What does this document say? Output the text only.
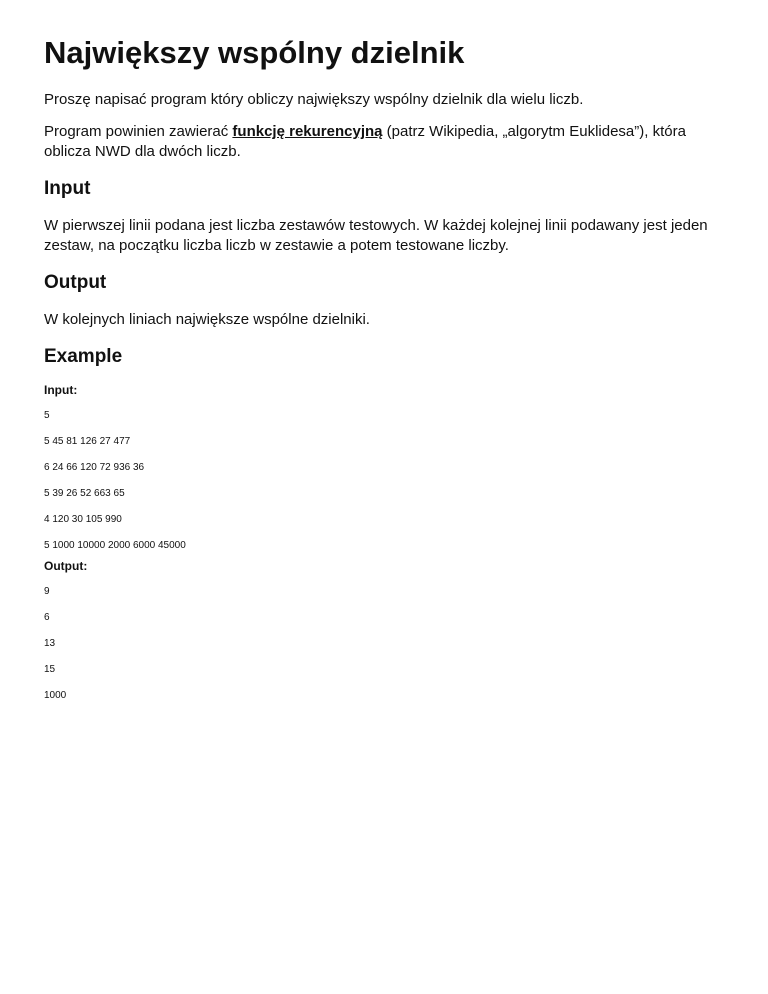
Największy wspólny dzielnik

Proszę napisać program który obliczy największy wspólny dzielnik dla wielu liczb.

Program powinien zawierać funkcję rekurencyjną (patrz Wikipedia, „algorytm Euklidesa”), która oblicza NWD dla dwóch liczb.

Input

W pierwszej linii podana jest liczba zestawów testowych. W każdej kolejnej linii podawany jest jeden zestaw, na początku liczba liczb w zestawie a potem testowane liczby.

Output

W kolejnych liniach największe wspólne dzielniki.

Example

Input:

5

5 45 81 126 27 477

6 24 66 120 72 936 36

5 39 26 52 663 65

4 120 30 105 990

5 1000 10000 2000 6000 45000

Output:

9

6

13

15

1000
